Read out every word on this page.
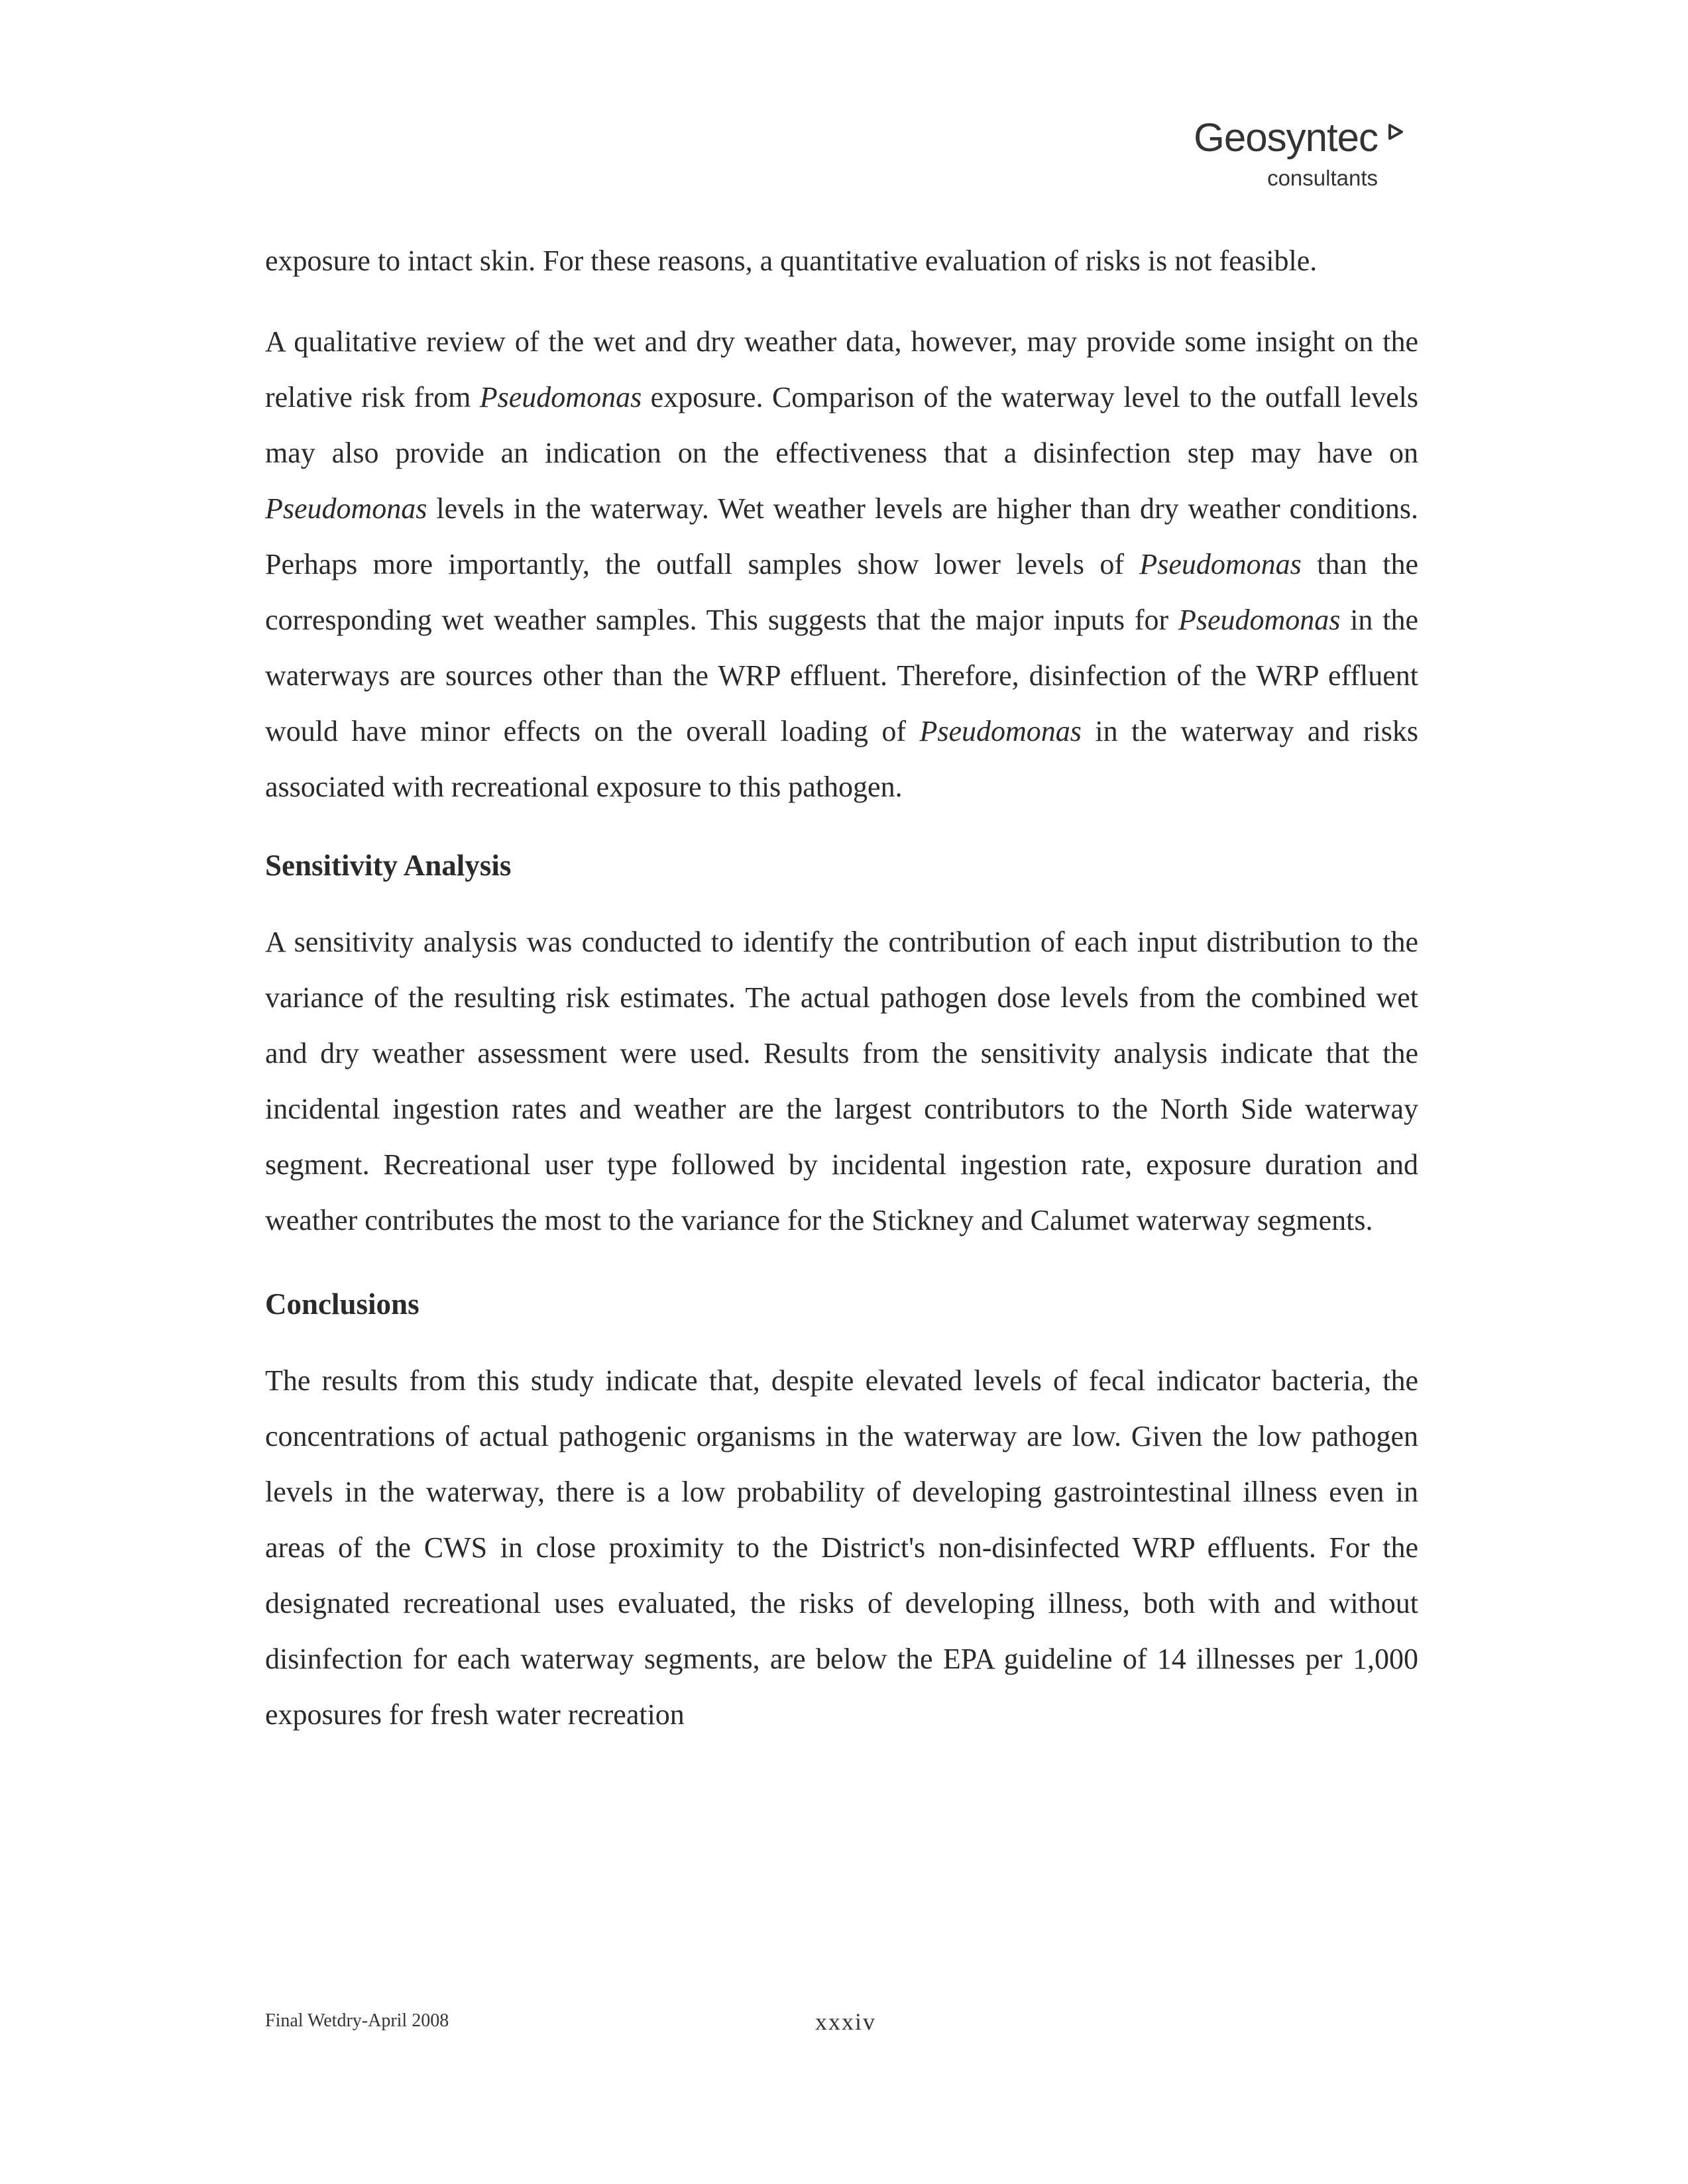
Geosyntec
consultants

exposure to intact skin. For these reasons, a quantitative evaluation of risks is not feasible.

A qualitative review of the wet and dry weather data, however, may provide some insight on the relative risk from Pseudomonas exposure. Comparison of the waterway level to the outfall levels may also provide an indication on the effectiveness that a disinfection step may have on Pseudomonas levels in the waterway. Wet weather levels are higher than dry weather conditions. Perhaps more importantly, the outfall samples show lower levels of Pseudomonas than the corresponding wet weather samples. This suggests that the major inputs for Pseudomonas in the waterways are sources other than the WRP effluent. Therefore, disinfection of the WRP effluent would have minor effects on the overall loading of Pseudomonas in the waterway and risks associated with recreational exposure to this pathogen.

Sensitivity Analysis

A sensitivity analysis was conducted to identify the contribution of each input distribution to the variance of the resulting risk estimates. The actual pathogen dose levels from the combined wet and dry weather assessment were used. Results from the sensitivity analysis indicate that the incidental ingestion rates and weather are the largest contributors to the North Side waterway segment. Recreational user type followed by incidental ingestion rate, exposure duration and weather contributes the most to the variance for the Stickney and Calumet waterway segments.

Conclusions

The results from this study indicate that, despite elevated levels of fecal indicator bacteria, the concentrations of actual pathogenic organisms in the waterway are low. Given the low pathogen levels in the waterway, there is a low probability of developing gastrointestinal illness even in areas of the CWS in close proximity to the District's non-disinfected WRP effluents. For the designated recreational uses evaluated, the risks of developing illness, both with and without disinfection for each waterway segments, are below the EPA guideline of 14 illnesses per 1,000 exposures for fresh water recreation

Final Wetdry-April 2008	xxxiv
